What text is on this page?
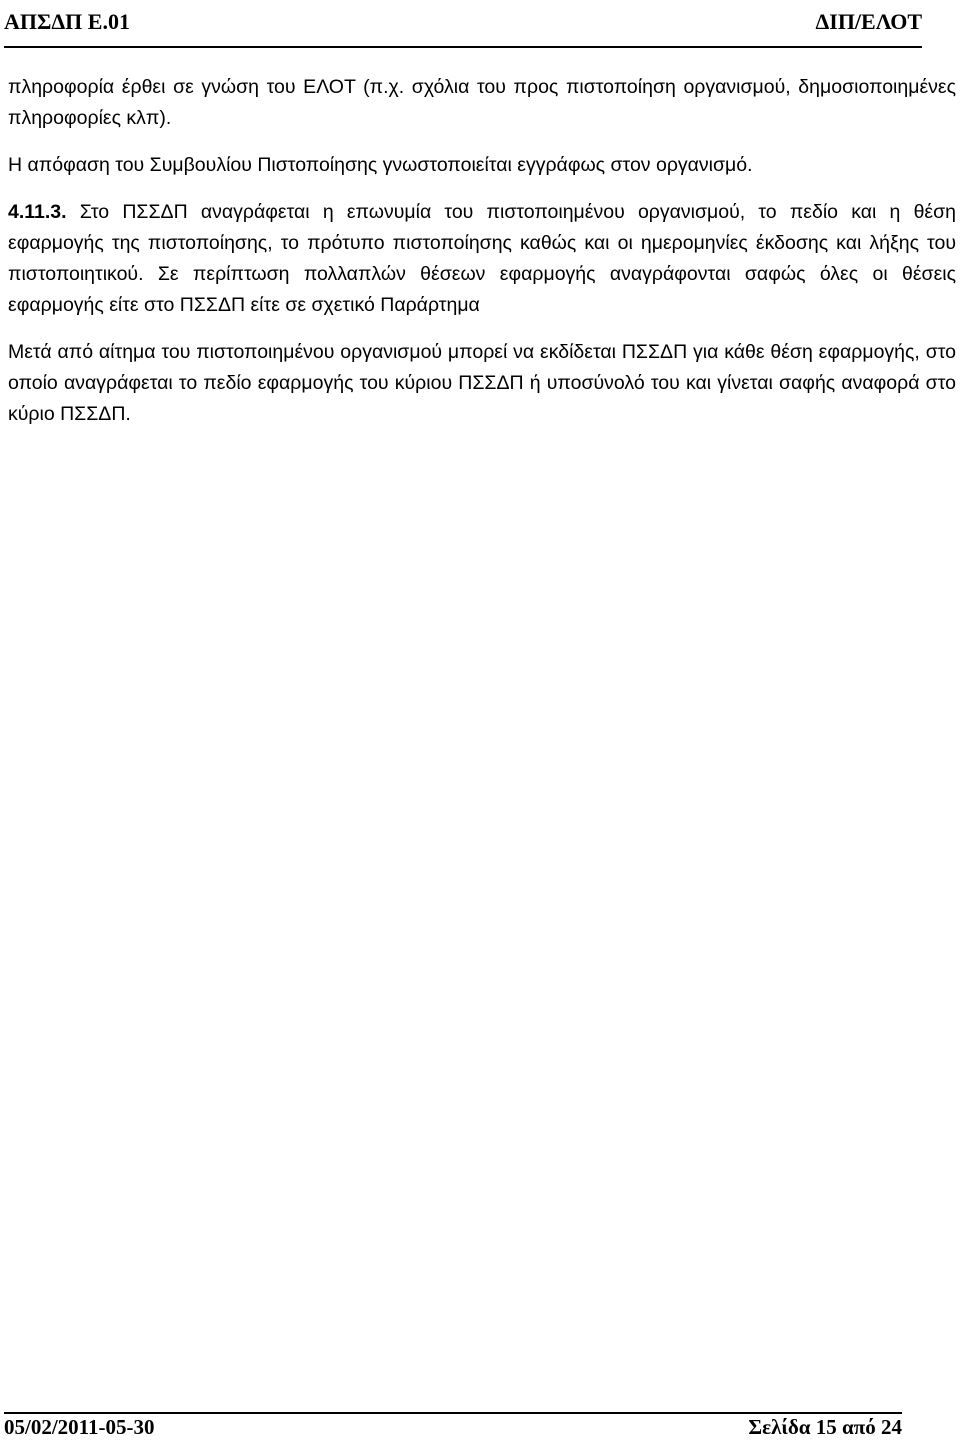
ΑΠΣΔΠ Ε.01	ΔΙΠ/ΕΛΟΤ

πληροφορία έρθει σε γνώση του ΕΛΟΤ (π.χ. σχόλια του προς πιστοποίηση οργανισμού, δημοσιοποιημένες πληροφορίες κλπ).

Η απόφαση του Συμβουλίου Πιστοποίησης γνωστοποιείται εγγράφως στον οργανισμό.

4.11.3. Στο ΠΣΣΔΠ αναγράφεται η επωνυμία του πιστοποιημένου οργανισμού, το πεδίο και η θέση εφαρμογής της πιστοποίησης, το πρότυπο πιστοποίησης καθώς και οι ημερομηνίες έκδοσης και λήξης του πιστοποιητικού. Σε περίπτωση πολλαπλών θέσεων εφαρμογής αναγράφονται σαφώς όλες οι θέσεις εφαρμογής είτε στο ΠΣΣΔΠ είτε σε σχετικό Παράρτημα

Μετά από αίτημα του πιστοποιημένου οργανισμού μπορεί να εκδίδεται ΠΣΣΔΠ για κάθε θέση εφαρμογής, στο οποίο αναγράφεται το πεδίο εφαρμογής του κύριου ΠΣΣΔΠ ή υποσύνολό του και γίνεται σαφής αναφορά στο κύριο ΠΣΣΔΠ.

05/02/2011-05-30	Σελίδα 15 από 24
